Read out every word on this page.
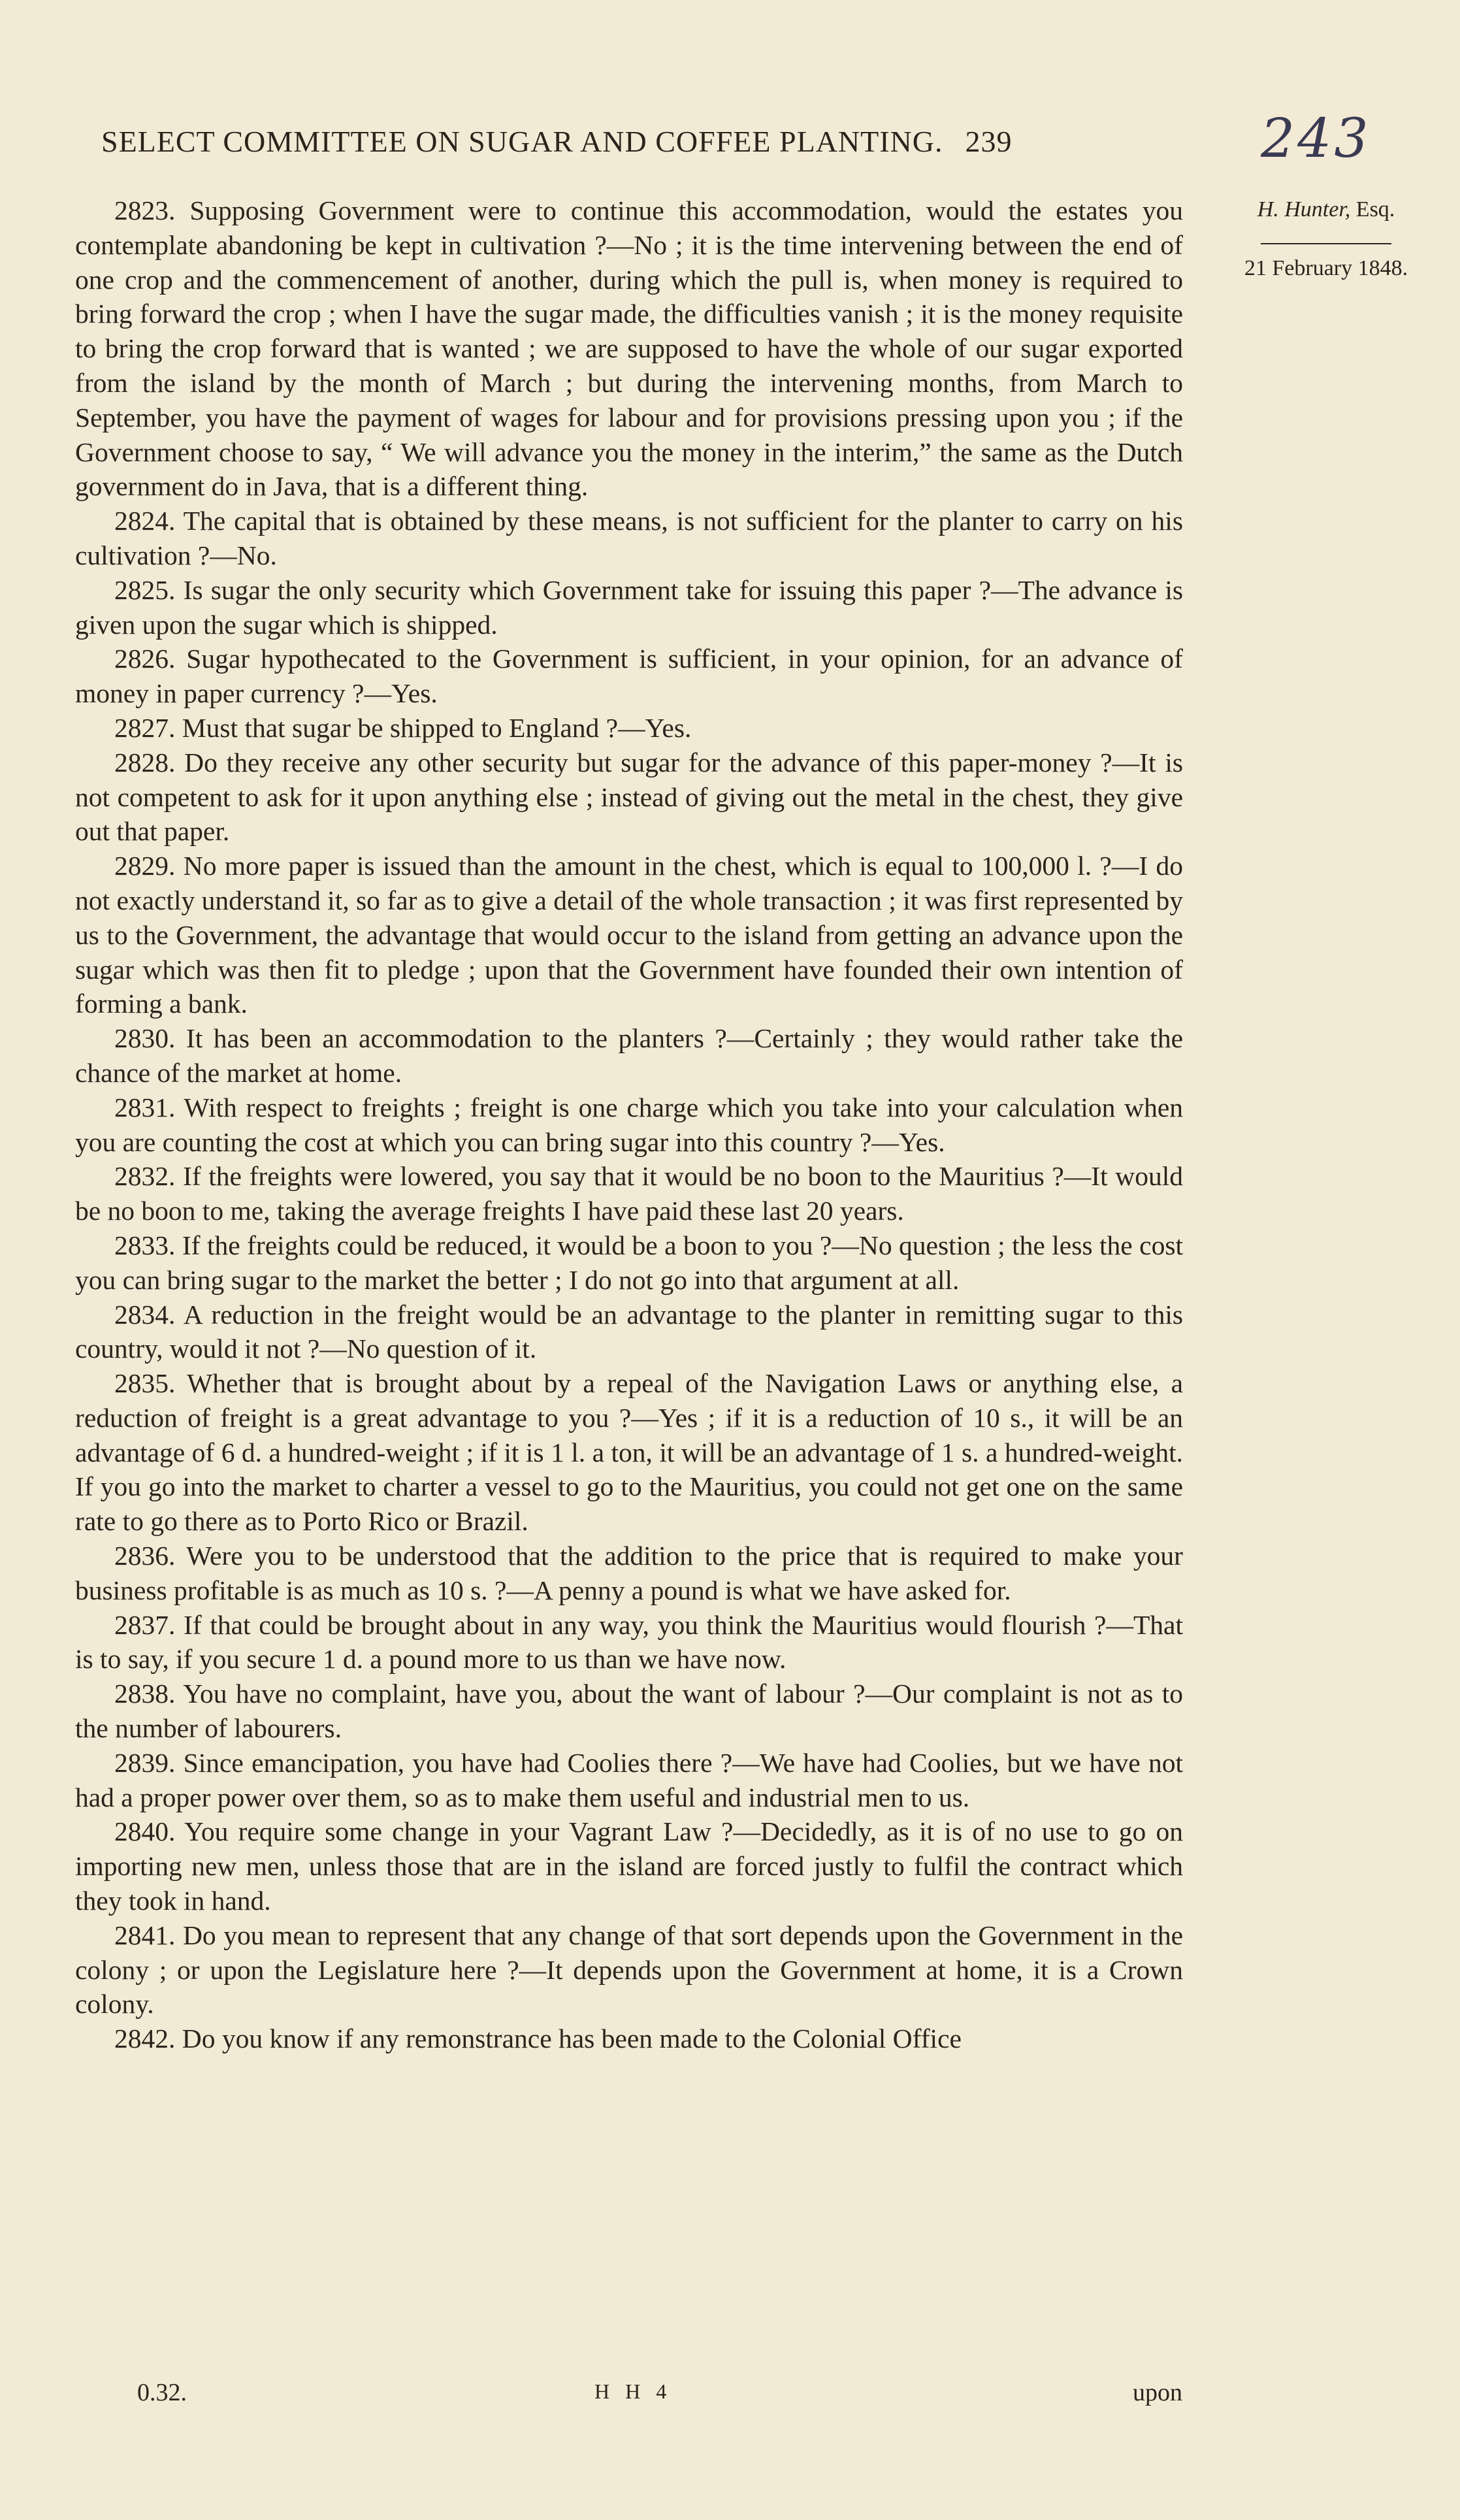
SELECT COMMITTEE ON SUGAR AND COFFEE PLANTING. 239	243
H. Hunter, Esq.
21 February 1848.

2823. Supposing Government were to continue this accommodation, would the estates you contemplate abandoning be kept in cultivation ?—No ; it is the time intervening between the end of one crop and the commencement of another, during which the pull is, when money is required to bring forward the crop ; when I have the sugar made, the difficulties vanish ; it is the money requisite to bring the crop forward that is wanted ; we are supposed to have the whole of our sugar exported from the island by the month of March ; but during the intervening months, from March to September, you have the payment of wages for labour and for provisions pressing upon you ; if the Government choose to say, “ We will advance you the money in the interim,” the same as the Dutch government do in Java, that is a different thing.

2824. The capital that is obtained by these means, is not sufficient for the planter to carry on his cultivation ?—No.

2825. Is sugar the only security which Government take for issuing this paper ?—The advance is given upon the sugar which is shipped.

2826. Sugar hypothecated to the Government is sufficient, in your opinion, for an advance of money in paper currency ?—Yes.

2827. Must that sugar be shipped to England ?—Yes.

2828. Do they receive any other security but sugar for the advance of this paper-money ?—It is not competent to ask for it upon anything else ; instead of giving out the metal in the chest, they give out that paper.

2829. No more paper is issued than the amount in the chest, which is equal to 100,000 l. ?—I do not exactly understand it, so far as to give a detail of the whole transaction ; it was first represented by us to the Government, the advantage that would occur to the island from getting an advance upon the sugar which was then fit to pledge ; upon that the Government have founded their own intention of forming a bank.

2830. It has been an accommodation to the planters ?—Certainly ; they would rather take the chance of the market at home.

2831. With respect to freights ; freight is one charge which you take into your calculation when you are counting the cost at which you can bring sugar into this country ?—Yes.

2832. If the freights were lowered, you say that it would be no boon to the Mauritius ?—It would be no boon to me, taking the average freights I have paid these last 20 years.

2833. If the freights could be reduced, it would be a boon to you ?—No question ; the less the cost you can bring sugar to the market the better ; I do not go into that argument at all.

2834. A reduction in the freight would be an advantage to the planter in remitting sugar to this country, would it not ?—No question of it.

2835. Whether that is brought about by a repeal of the Navigation Laws or anything else, a reduction of freight is a great advantage to you ?—Yes ; if it is a reduction of 10 s., it will be an advantage of 6 d. a hundred-weight ; if it is 1 l. a ton, it will be an advantage of 1 s. a hundred-weight. If you go into the market to charter a vessel to go to the Mauritius, you could not get one on the same rate to go there as to Porto Rico or Brazil.

2836. Were you to be understood that the addition to the price that is required to make your business profitable is as much as 10 s. ?—A penny a pound is what we have asked for.

2837. If that could be brought about in any way, you think the Mauritius would flourish ?—That is to say, if you secure 1 d. a pound more to us than we have now.

2838. You have no complaint, have you, about the want of labour ?—Our complaint is not as to the number of labourers.

2839. Since emancipation, you have had Coolies there ?—We have had Coolies, but we have not had a proper power over them, so as to make them useful and industrial men to us.

2840. You require some change in your Vagrant Law ?—Decidedly, as it is of no use to go on importing new men, unless those that are in the island are forced justly to fulfil the contract which they took in hand.

2841. Do you mean to represent that any change of that sort depends upon the Government in the colony ; or upon the Legislature here ?—It depends upon the Government at home, it is a Crown colony.

2842. Do you know if any remonstrance has been made to the Colonial Office

0.32.	H H 4	upon
